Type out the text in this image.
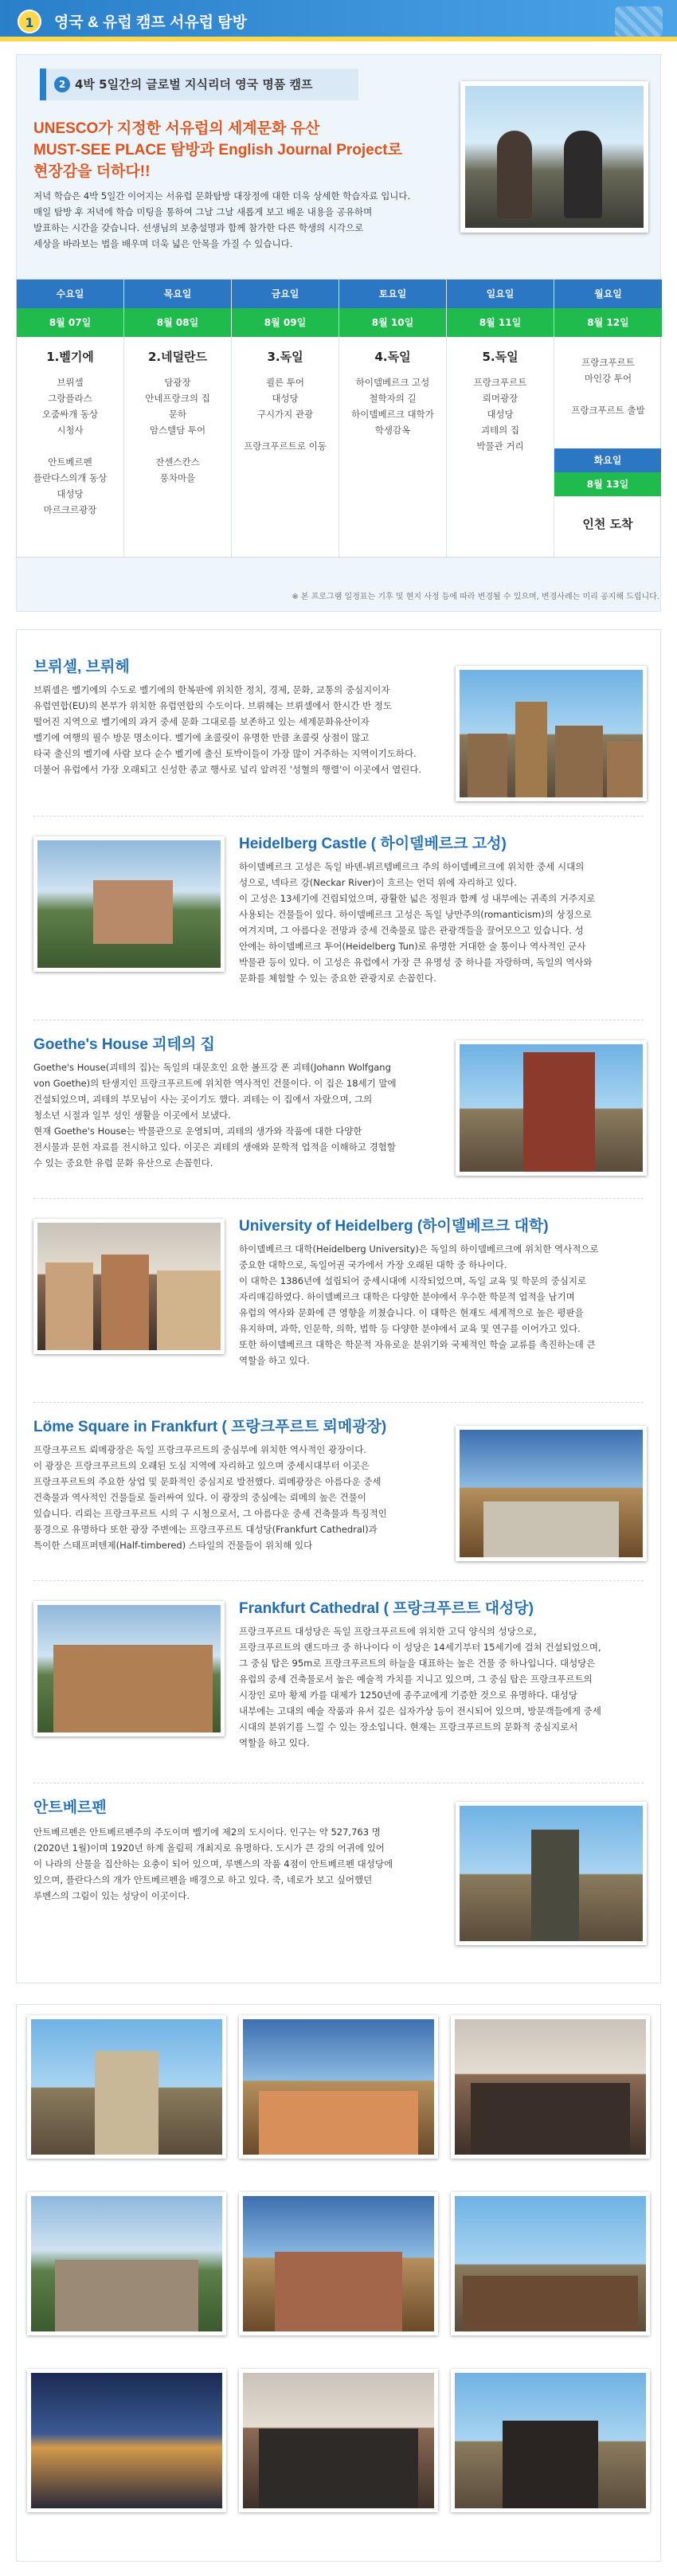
1	영국 & 유럽 캠프 서유럽 탐방
2 4박 5일간의 글로벌 지식리더 영국 명품 캠프
UNESCO가 지정한 서유럽의 세계문화 유산
MUST-SEE PLACE 탐방과 English Journal Project로
현장감을 더하다!!
저녁 학습은 4박 5일간 이어지는 서유럽 문화탐방 대장정에 대한 더욱 상세한 학습자료 입니다.
매일 탐방 후 저녁에 학습 미팅을 통하여 그날 그날 새롭게 보고 배운 내용을 공유하며
발표하는 시간을 갖습니다. 선생님의 보충설명과 함께 참가한 다른 학생의 시각으로
세상을 바라보는 법을 배우며 더욱 넓은 안목을 가질 수 있습니다.
수요일
8월 07일
1.벨기에
브뤼셀
그랑플라스
오줌싸개 동상
시청사

안트베르펜
플란다스의개 동상
대성당
마르크르광장
목요일
8월 08일
2.네덜란드
담광장
안네프랑크의 집
문하
암스텔담 투어

잔센스칸스
풍차마을
금요일
8월 09일
3.독일
쾰른 투어
대성당
구시가지 관광

프랑크푸르트로 이동
토요일
8월 10일
4.독일
하이델베르크 고성
철학자의 길
하이델베르크 대학가
학생감옥
일요일
8월 11일
5.독일
프랑크푸르트
뢰머광장
대성당
괴테의 집
박물관 거리
월요일
8월 12일
프랑크푸르트
마인강 투어

프랑크푸르트 출발
화요일
8월 13일
인천 도착
※ 본 프로그램 일정표는 기후 및 현지 사정 등에 따라 변경될 수 있으며, 변경사례는 미리 공지해 드립니다.
브뤼셀, 브뤼헤
브뤼셀은 벨기에의 수도로 벨기에의 한복판에 위치한 정치, 경제, 문화, 교통의 중심지이자
유럽연합(EU)의 본부가 위치한 유럽연합의 수도이다. 브뤼헤는 브뤼셀에서 한시간 반 정도
떨어진 지역으로 벨기에의 과거 중세 문화 그대로를 보존하고 있는 세계문화유산이자
벨기에 여행의 필수 방문 명소이다. 벨기에 초콜릿이 유명한 만큼 초콜릿 상점이 많고
타국 출신의 벨기에 사람 보다 순수 벨기에 출신 토박이들이 가장 많이 거주하는 지역이기도하다.
더불어 유럽에서 가장 오래되고 신성한 종교 행사로 널리 알려진 '성혈의 행렬'이 이곳에서 열린다.
Heidelberg Castle ( 하이델베르크 고성)
하이델베르크 고성은 독일 바덴-뷔르템베르크 주의 하이델베르크에 위치한 중세 시대의
성으로, 넥타르 강(Neckar River)이 흐르는 언덕 위에 자리하고 있다.
이 고성은 13세기에 건립되었으며, 광활한 넓은 정원과 함께 성 내부에는 귀족의 거주지로
사용되는 건물들이 있다. 하이델베르크 고성은 독일 낭만주의(romanticism)의 상징으로
여겨지며, 그 아름다운 전망과 중세 건축물로 많은 관광객들을 끌어모으고 있습니다. 성
안에는 하이델베르크 투어(Heidelberg Tun)로 유명한 거대한 술 통이나 역사적인 군사
박물관 등이 있다. 이 고성은 유럽에서 가장 큰 유명성 중 하나를 자랑하며, 독일의 역사와
문화를 체험할 수 있는 중요한 관광지로 손꼽힌다.
Goethe's House 괴테의 집
Goethe's House(괴테의 집)는 독일의 대문호인 요한 볼프강 폰 괴테(Johann Wolfgang
von Goethe)의 탄생지인 프랑크푸르트에 위치한 역사적인 건물이다. 이 집은 18세기 말에
건설되었으며, 괴테의 부모님이 사는 곳이기도 했다. 괴테는 이 집에서 자랐으며, 그의
청소년 시절과 일부 성인 생활을 이곳에서 보냈다.
현재 Goethe's House는 박물관으로 운영되며, 괴테의 생가와 작품에 대한 다양한
전시물과 문헌 자료를 전시하고 있다. 이곳은 괴테의 생애와 문학적 업적을 이해하고 경험할
수 있는 중요한 유럽 문화 유산으로 손꼽힌다.
University of Heidelberg (하이델베르크 대학)
하이델베르크 대학(Heidelberg University)은 독일의 하이델베르크에 위치한 역사적으로
중요한 대학으로, 독일어권 국가에서 가장 오래된 대학 중 하나이다.
이 대학은 1386년에 설립되어 중세시대에 시작되었으며, 독일 교육 및 학문의 중심지로
자리매김하였다. 하이델베르크 대학은 다양한 분야에서 우수한 학문적 업적을 남기며
유럽의 역사와 문화에 큰 영향을 끼쳤습니다. 이 대학은 현재도 세계적으로 높은 평판을
유지하며, 과학, 인문학, 의학, 법학 등 다양한 분야에서 교육 및 연구를 이어가고 있다.
또한 하이델베르크 대학은 학문적 자유로운 분위기와 국제적인 학술 교류를 촉진하는데 큰
역할을 하고 있다.
Löme Square in Frankfurt ( 프랑크푸르트 뢰메광장)
프랑크푸르트 뢰메광장은 독일 프랑크푸르트의 중심부에 위치한 역사적인 광장이다.
이 광장은 프랑크푸르트의 오래된 도심 지역에 자리하고 있으며 중세시대부터 이곳은
프랑크푸르트의 주요한 상업 및 문화적인 중심지로 발전했다. 뢰메광장은 아름다운 중세
건축물과 역사적인 건물들로 둘러싸여 있다. 이 광장의 중심에는 뢰메의 높은 건물이
있습니다. 리뢰는 프랑크푸르트 시의 구 시청으로서, 그 아름다운 중세 건축물과 특징적인
풍경으로 유명하다 또한 광장 주변에는 프랑크푸르트 대성당(Frankfurt Cathedral)과
특이한 스태프퍼텐제(Half-timbered) 스타일의 건물들이 위치해 있다
Frankfurt Cathedral ( 프랑크푸르트 대성당)
프랑크푸르트 대성당은 독일 프랑크푸르트에 위치한 고딕 양식의 성당으로,
프랑크푸르트의 랜드마크 중 하나이다 이 성당은 14세기부터 15세기에 걸쳐 건설되었으며,
그 중심 탑은 95m로 프랑크푸르트의 하늘을 대표하는 높은 건물 중 하나입니다. 대성당은
유럽의 중세 건축물로서 높은 예술적 가치를 지니고 있으며, 그 중심 탑은 프랑크푸르트의
시장인 로마 황제 카를 대제가 1250년에 종주교에게 기증한 것으로 유명하다. 대성당
내부에는 고대의 예술 작품과 유서 깊은 십자가상 등이 전시되어 있으며, 방문객들에게 중세
시대의 분위기를 느낄 수 있는 장소입니다. 현재는 프랑크푸르트의 문화적 중심지로서
역할을 하고 있다.
안트베르펜
안트베르펜은 안트베르펜주의 주도이며 벨기에 제2의 도시이다. 인구는 약 527,763 명
(2020년 1월)이며 1920년 하계 올림픽 개최지로 유명하다. 도시가 큰 강의 어귀에 있어
이 나라의 산물을 집산하는 요충이 되어 있으며, 루벤스의 작품 4점이 안트베르펜 대성당에
있으며, 플란다스의 개가 안트베르펜을 배경으로 하고 있다. 죽, 네로가 보고 싶어했던
루벤스의 그림이 있는 성당이 이곳이다.
